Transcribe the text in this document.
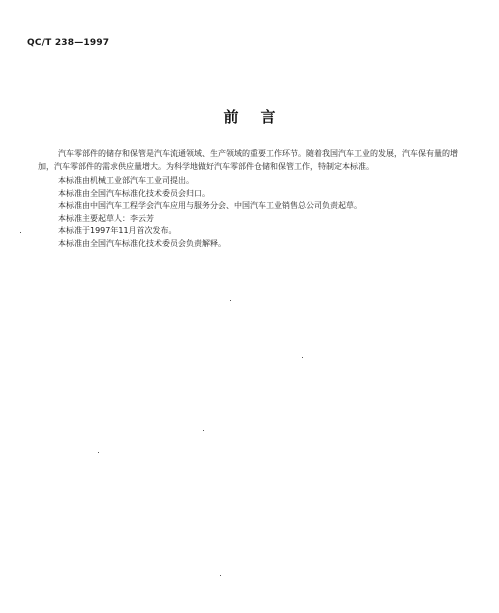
QC/T 238—1997
前言

汽车零部件的储存和保管是汽车流通领域、生产领域的重要工作环节。随着我国汽车工业的发展，汽车保有量的增加，汽车零部件的需求供应量增大。为科学地做好汽车零部件仓储和保管工作，特制定本标准。

本标准由机械工业部汽车工业司提出。

本标准由全国汽车标准化技术委员会归口。

本标准由中国汽车工程学会汽车应用与服务分会、中国汽车工业销售总公司负责起草。

本标准主要起草人：李云芳

本标准于1997年11月首次发布。

本标准由全国汽车标准化技术委员会负责解释。
